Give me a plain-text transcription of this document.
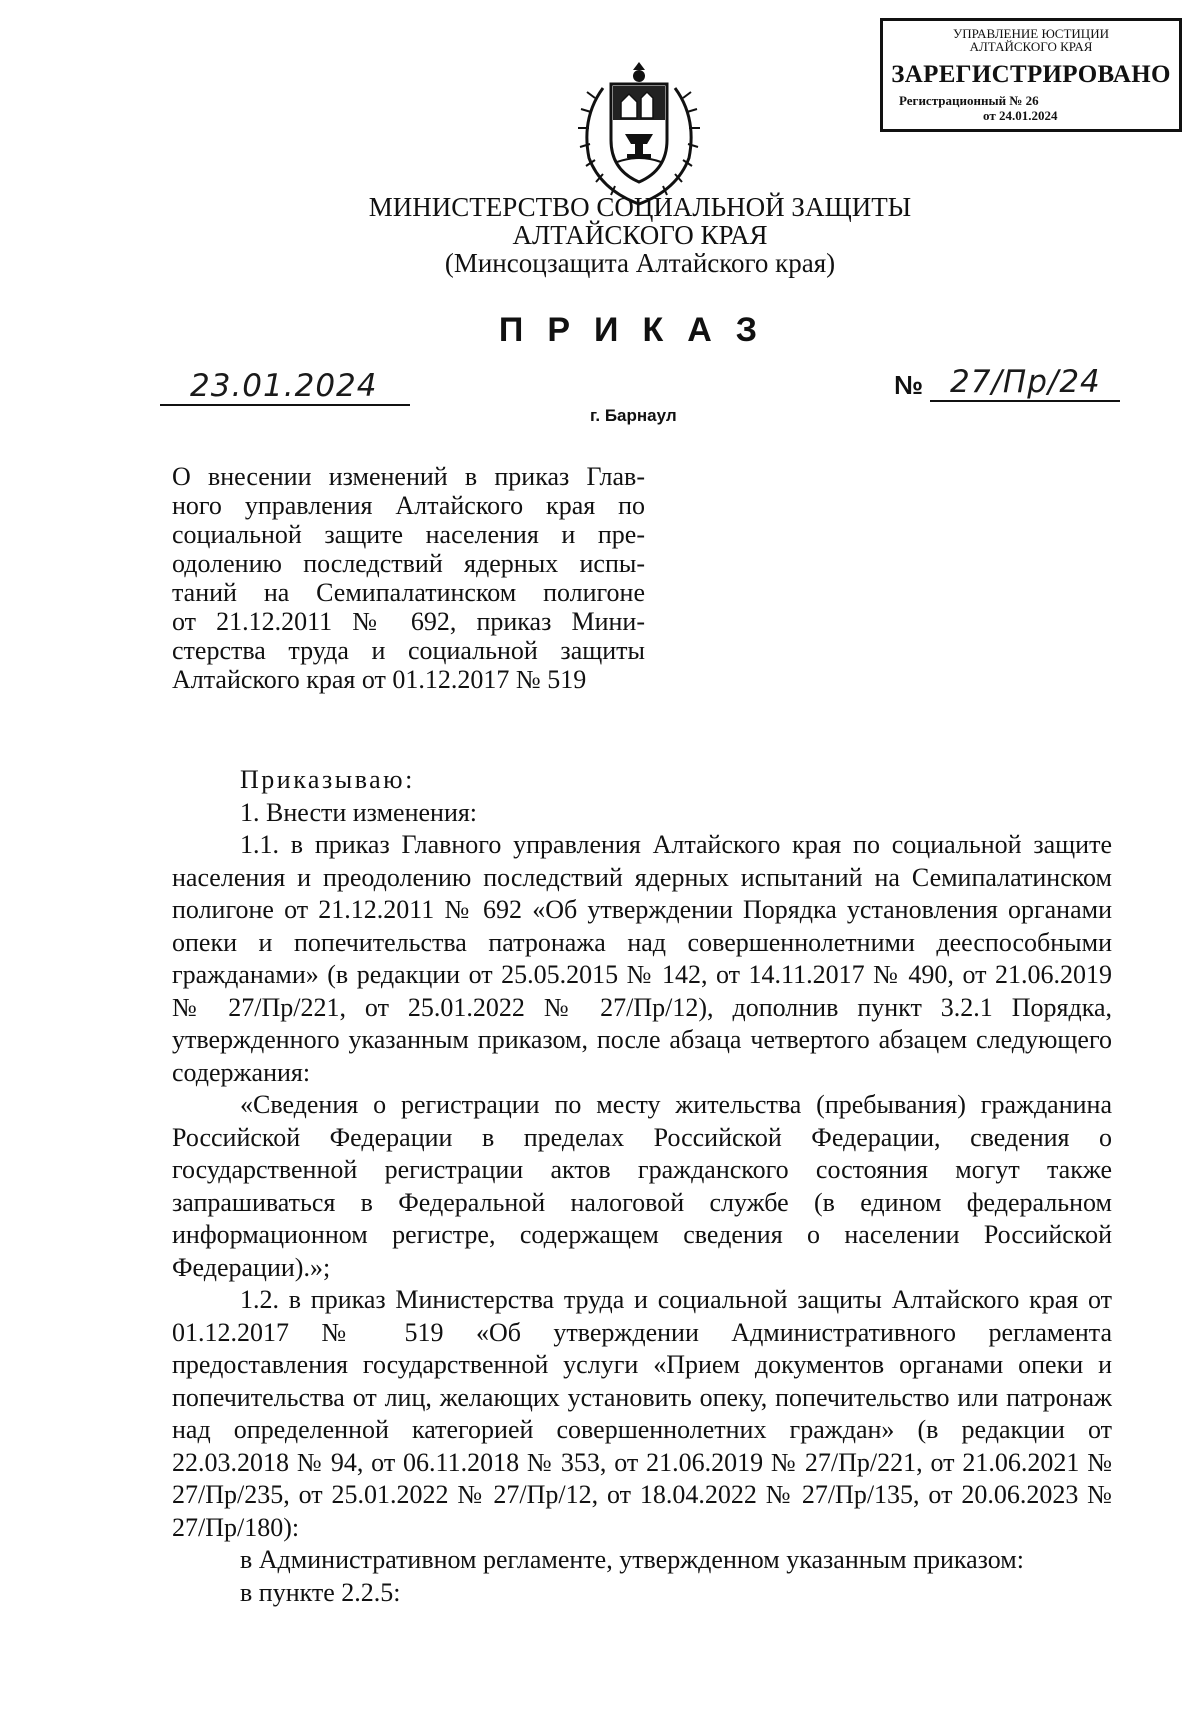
УПРАВЛЕНИЕ ЮСТИЦИИ
АЛТАЙСКОГО КРАЯ
ЗАРЕГИСТРИРОВАНО
Регистрационный № 26
от 24.01.2024
МИНИСТЕРСТВО СОЦИАЛЬНОЙ ЗАЩИТЫ
АЛТАЙСКОГО КРАЯ
(Минсоцзащита Алтайского края)
ПРИКАЗ
23.01.2024	№ 27/Пр/24
г. Барнаул
О внесении изменений в приказ Глав-
ного управления Алтайского края по
социальной защите населения и пре-
одолению последствий ядерных испы-
таний на Семипалатинском полигоне
от 21.12.2011 № 692, приказ Мини-
стерства труда и социальной защиты
Алтайского края от 01.12.2017 № 519

Приказываю:

1. Внести изменения:

1.1. в приказ Главного управления Алтайского края по социальной защите населения и преодолению последствий ядерных испытаний на Семипалатинском полигоне от 21.12.2011 № 692 «Об утверждении Порядка установления органами опеки и попечительства патронажа над совершеннолетними дееспособными гражданами» (в редакции от 25.05.2015 № 142, от 14.11.2017 № 490, от 21.06.2019 № 27/Пр/221, от 25.01.2022 № 27/Пр/12), дополнив пункт 3.2.1 Порядка, утвержденного указанным приказом, после абзаца четвертого абзацем следующего содержания:

«Сведения о регистрации по месту жительства (пребывания) гражданина Российской Федерации в пределах Российской Федерации, сведения о государственной регистрации актов гражданского состояния могут также запрашиваться в Федеральной налоговой службе (в едином федеральном информационном регистре, содержащем сведения о населении Российской Федерации).»;

1.2. в приказ Министерства труда и социальной защиты Алтайского края от 01.12.2017 № 519 «Об утверждении Административного регламента предоставления государственной услуги «Прием документов органами опеки и попечительства от лиц, желающих установить опеку, попечительство или патронаж над определенной категорией совершеннолетних граждан» (в редакции от 22.03.2018 № 94, от 06.11.2018 № 353, от 21.06.2019 № 27/Пр/221, от 21.06.2021 № 27/Пр/235, от 25.01.2022 № 27/Пр/12, от 18.04.2022 № 27/Пр/135, от 20.06.2023 № 27/Пр/180):

в Административном регламенте, утвержденном указанным приказом:

в пункте 2.2.5:
